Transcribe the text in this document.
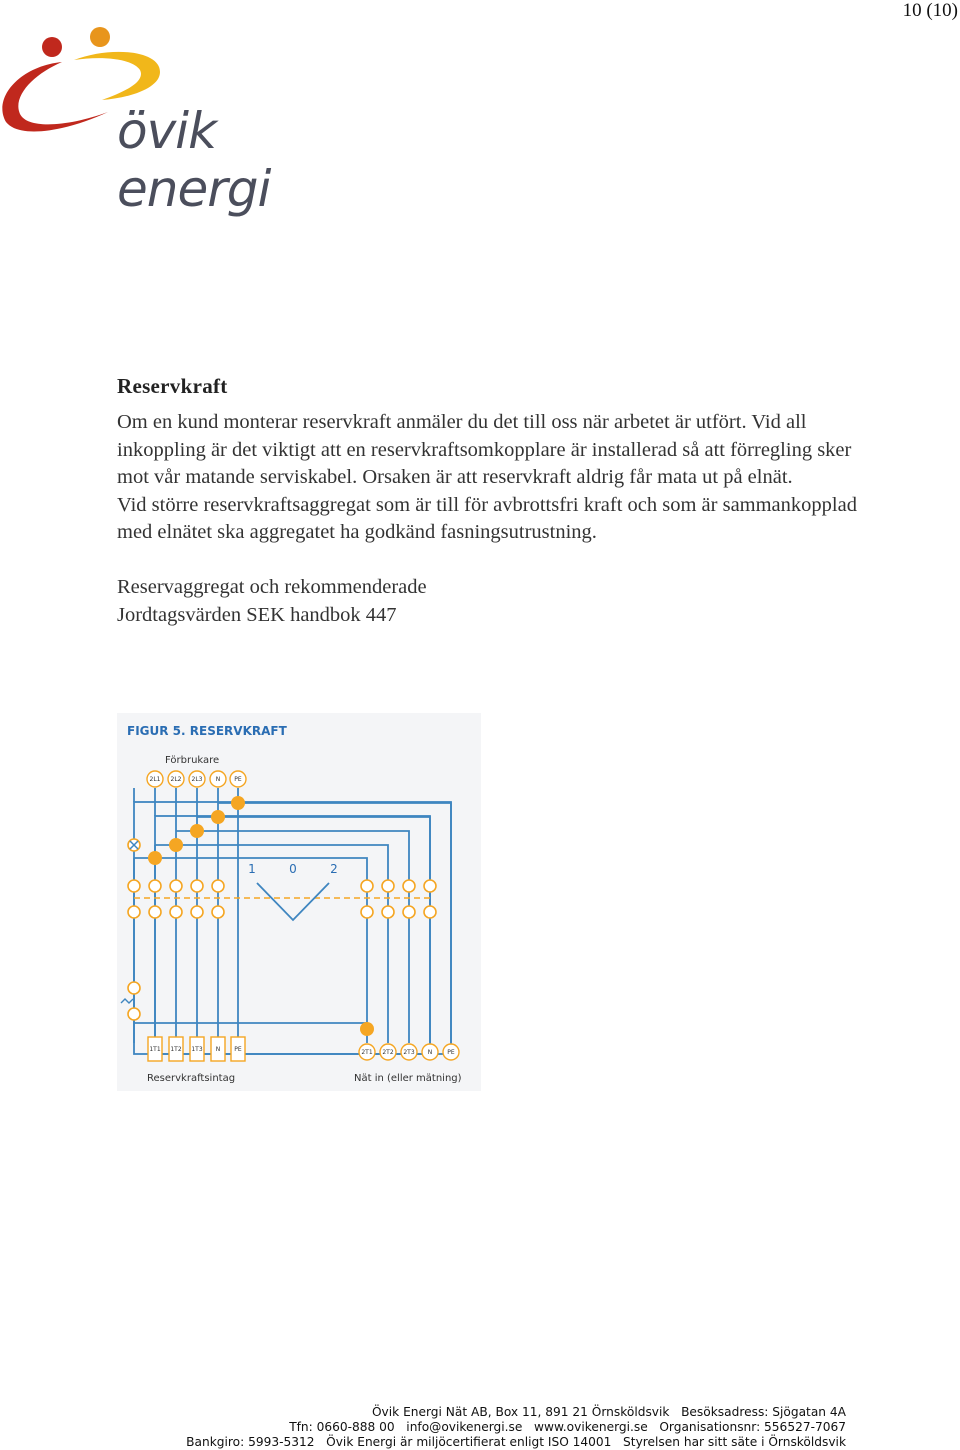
10 (10)
övik energi
Reservkraft

Om en kund monterar reservkraft anmäler du det till oss när arbetet är utfört. Vid all inkoppling är det viktigt att en reservkraftsomkopplare är installerad så att förregling sker mot vår matande serviskabel. Orsaken är att reservkraft aldrig får mata ut på elnät.

Vid större reservkraftsaggregat som är till för avbrottsfri kraft och som är sammankopplad med elnätet ska aggregatet ha godkänd fasningsutrustning.

Reservaggregat och rekommenderade

Jordtagsvärden SEK handbok 447

FIGUR 5. RESERVKRAFT
Förbrukare
2L1 2L2 2L3 N PE
1T1 1T2 1T3 N PE	2T1 2T2 2T3 N	PE
1	0	2
Reservkraftsintag	Nät in (eller mätning)
Övik Energi Nät AB, Box 11, 891 21 Örnsköldsvik   Besöksadress: Sjögatan 4A
Tfn: 0660-888 00   info@ovikenergi.se   www.ovikenergi.se   Organisationsnr: 556527-7067
Bankgiro: 5993-5312   Övik Energi är miljöcertifierat enligt ISO 14001   Styrelsen har sitt säte i Örnsköldsvik
